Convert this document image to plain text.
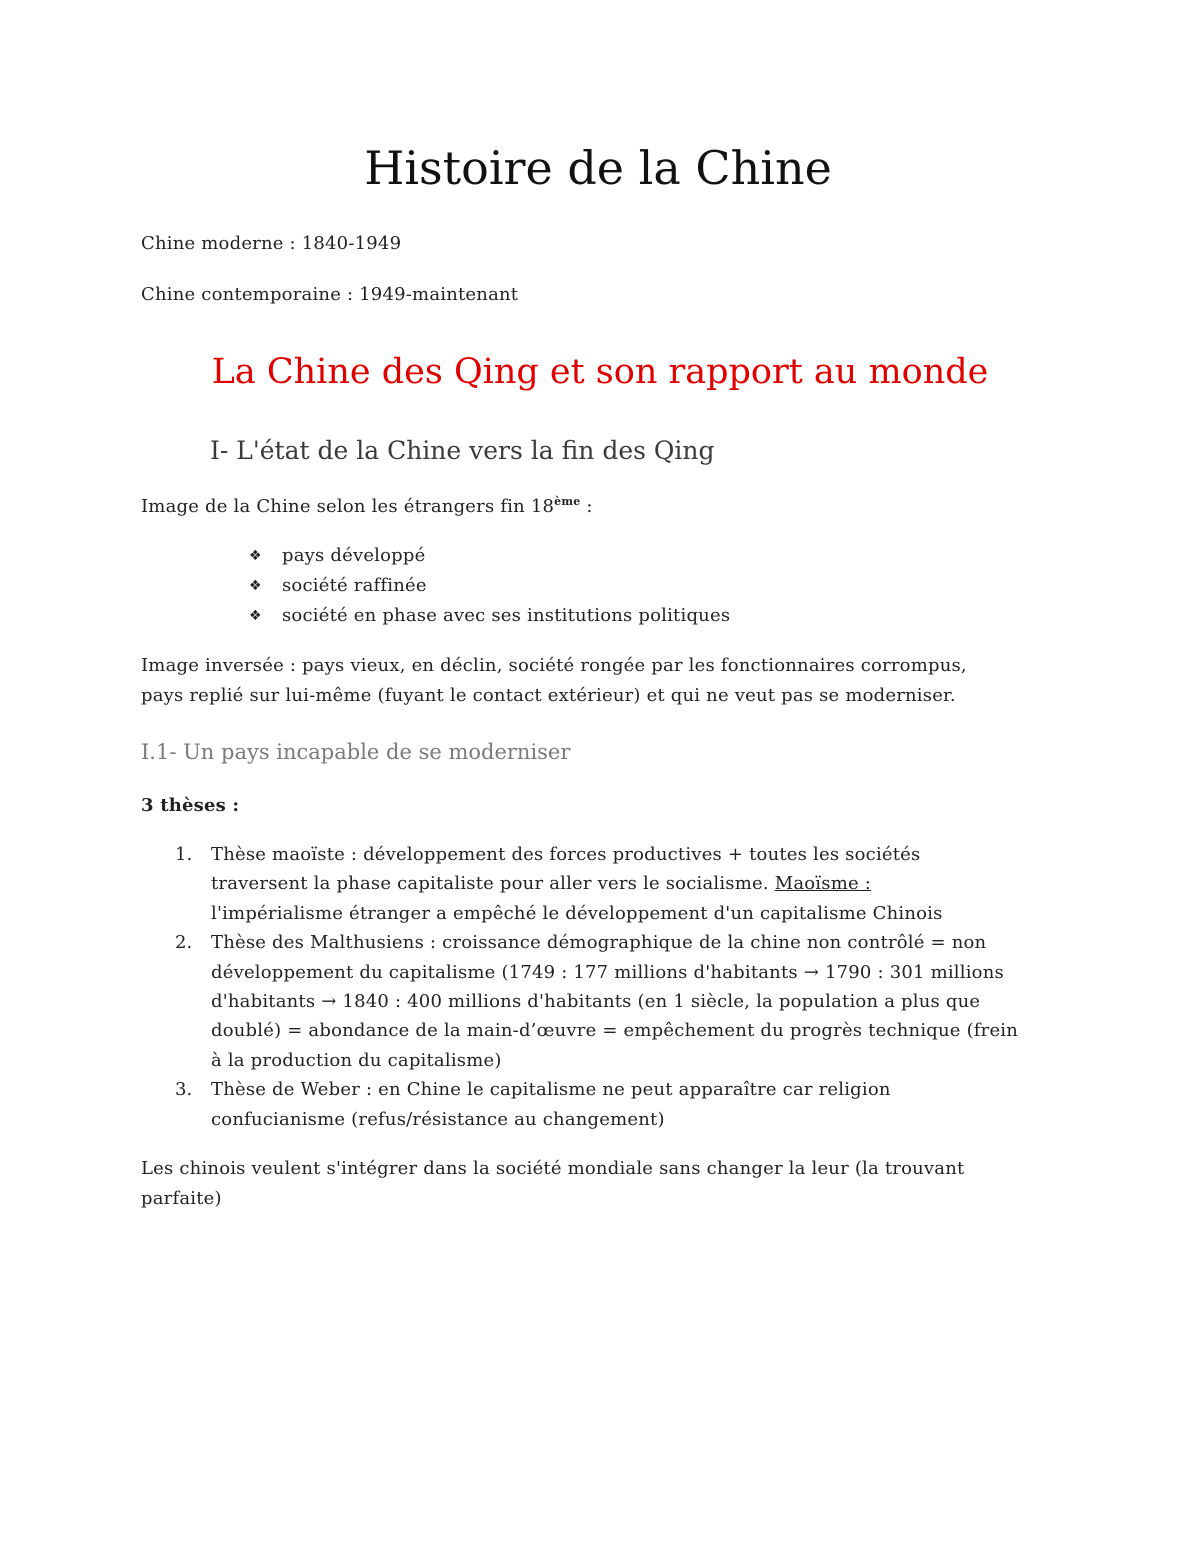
Histoire de la Chine
Chine moderne : 1840-1949
Chine contemporaine : 1949-maintenant
La Chine des Qing et son rapport au monde
I- L'état de la Chine vers la fin des Qing
Image de la Chine selon les étrangers fin 18ème :
❖ pays développé
❖ société raffinée
❖ société en phase avec ses institutions politiques
Image inversée : pays vieux, en déclin, société rongée par les fonctionnaires corrompus,
pays replié sur lui-même (fuyant le contact extérieur) et qui ne veut pas se moderniser.
I.1- Un pays incapable de se moderniser
3 thèses :
1. Thèse maoïste : développement des forces productives + toutes les sociétés
traversent la phase capitaliste pour aller vers le socialisme. Maoïsme :
l'impérialisme étranger a empêché le développement d'un capitalisme Chinois
2. Thèse des Malthusiens : croissance démographique de la chine non contrôlé = non
développement du capitalisme (1749 : 177 millions d'habitants → 1790 : 301 millions
d'habitants → 1840 : 400 millions d'habitants (en 1 siècle, la population a plus que
doublé) = abondance de la main-d’œuvre = empêchement du progrès technique (frein
à la production du capitalisme)
3. Thèse de Weber : en Chine le capitalisme ne peut apparaître car religion
confucianisme (refus/résistance au changement)
Les chinois veulent s'intégrer dans la société mondiale sans changer la leur (la trouvant
parfaite)
